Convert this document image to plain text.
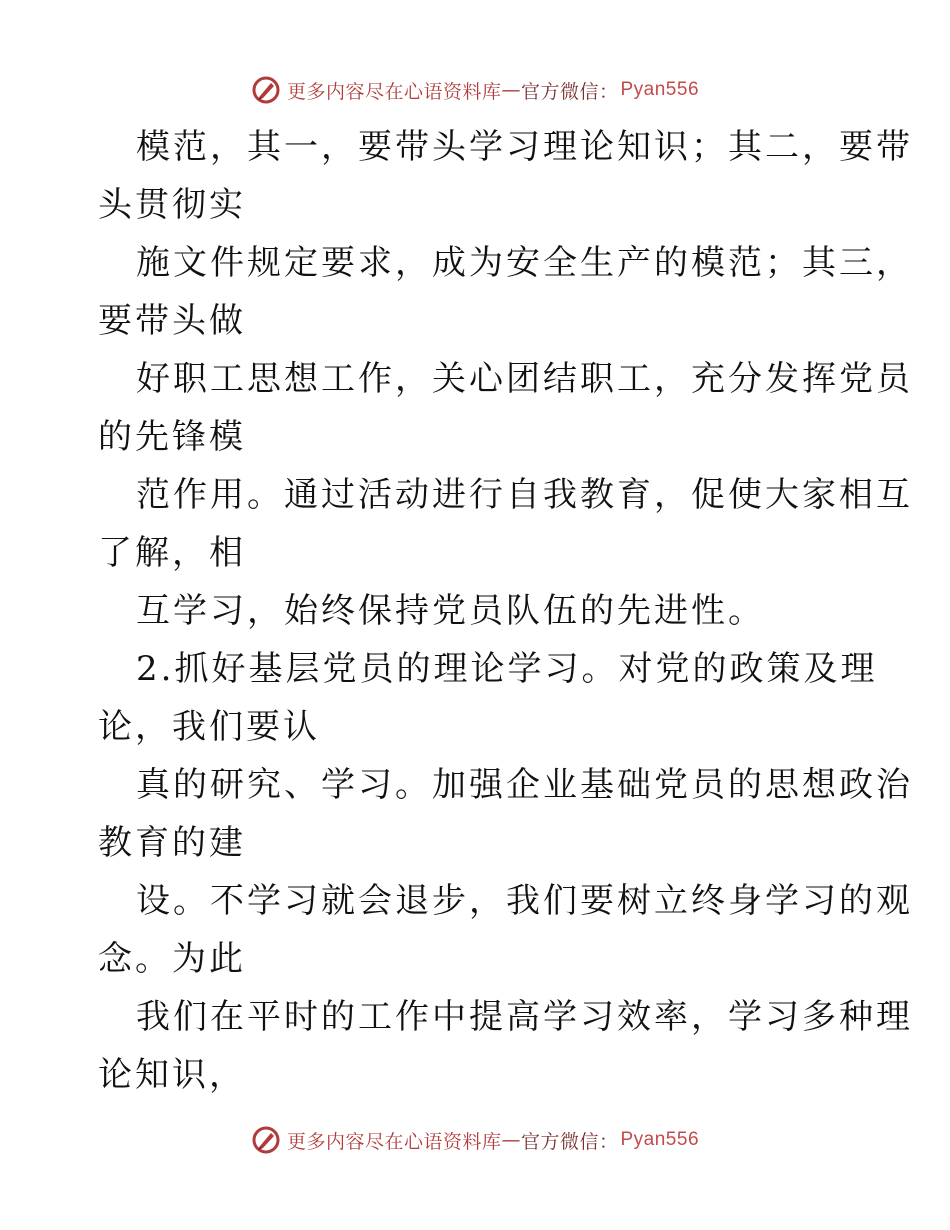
更多内容尽在心语资料库 — 官方微信： Pyan556
模范，其一，要带头学习理论知识；其二，要带
头贯彻实
施文件规定要求，成为安全生产的模范；其三，
要带头做
好职工思想工作，关心团结职工，充分发挥党员
的先锋模
范作用。通过活动进行自我教育，促使大家相互
了解，相
互学习，始终保持党员队伍的先进性。
2.抓好基层党员的理论学习。对党的政策及理
论，我们要认
真的研究、学习。加强企业基础党员的思想政治
教育的建
设。不学习就会退步，我们要树立终身学习的观
念。为此
我们在平时的工作中提高学习效率，学习多种理
论知识，
更多内容尽在心语资料库 — 官方微信： Pyan556
